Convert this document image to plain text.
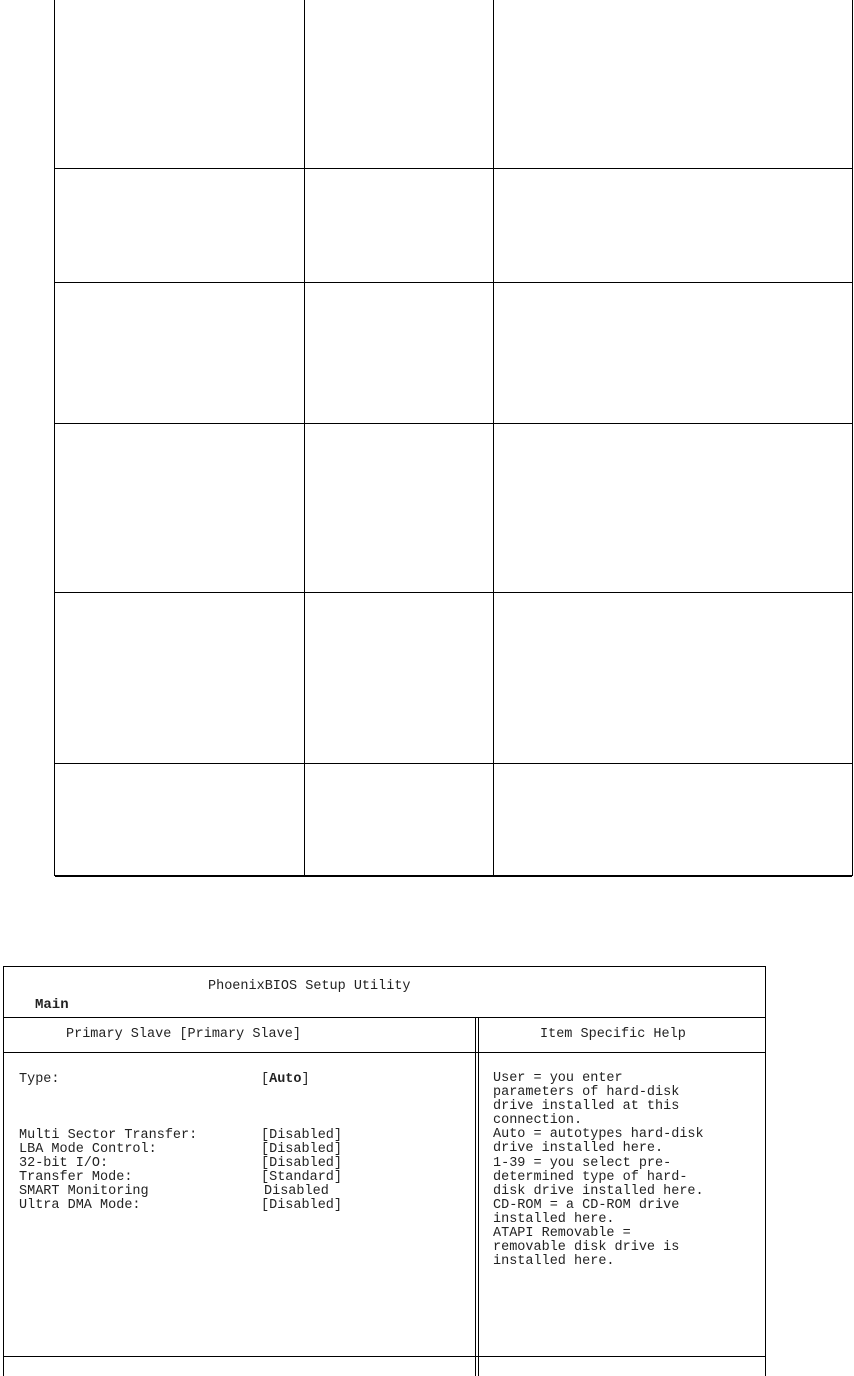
PhoenixBIOS Setup Utility
Main
Primary Slave [Primary Slave]	Item Specific Help
Type:	[Auto]
Multi Sector Transfer:	[Disabled]
LBA Mode Control:	[Disabled]
32-bit I/O:	[Disabled]
Transfer Mode:	[Standard]
SMART Monitoring	Disabled
Ultra DMA Mode:	[Disabled]
User = you enter
parameters of hard-disk
drive installed at this
connection.
Auto = autotypes hard-disk
drive installed here.
1-39 = you select pre-
determined type of hard-
disk drive installed here.
CD-ROM = a CD-ROM drive
installed here.
ATAPI Removable =
removable disk drive is
installed here.
